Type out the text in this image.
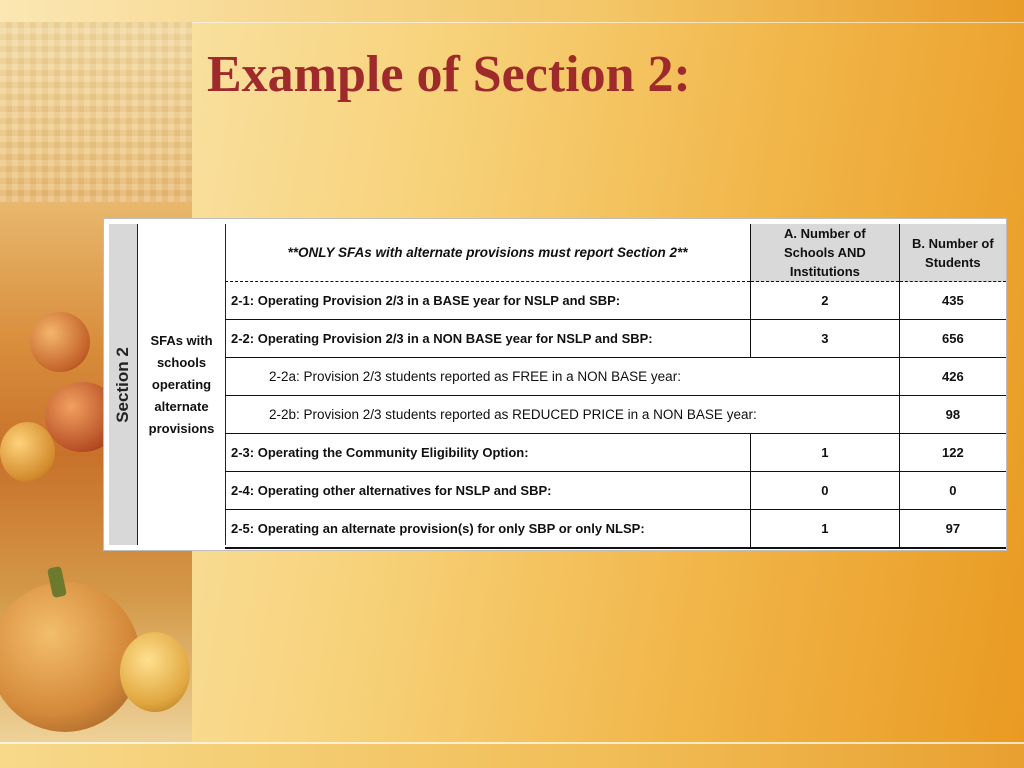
Example of Section 2:
Section 2
SFAs with schools operating alternate provisions
**ONLY SFAs with alternate provisions must report Section 2**	A. Number of Schools AND Institutions	B. Number of Students
2-1: Operating Provision 2/3 in a BASE year for NSLP and SBP:	2	435
2-2: Operating Provision 2/3 in a NON BASE year for NSLP and SBP:	3	656
2-2a: Provision 2/3 students reported as FREE in a NON BASE year:		426
2-2b: Provision 2/3 students reported as REDUCED PRICE in a NON BASE year:		98
2-3: Operating the Community Eligibility Option:	1	122
2-4: Operating other alternatives for NSLP and SBP:	0	0
2-5: Operating an alternate provision(s) for only SBP or only NLSP:	1	97
